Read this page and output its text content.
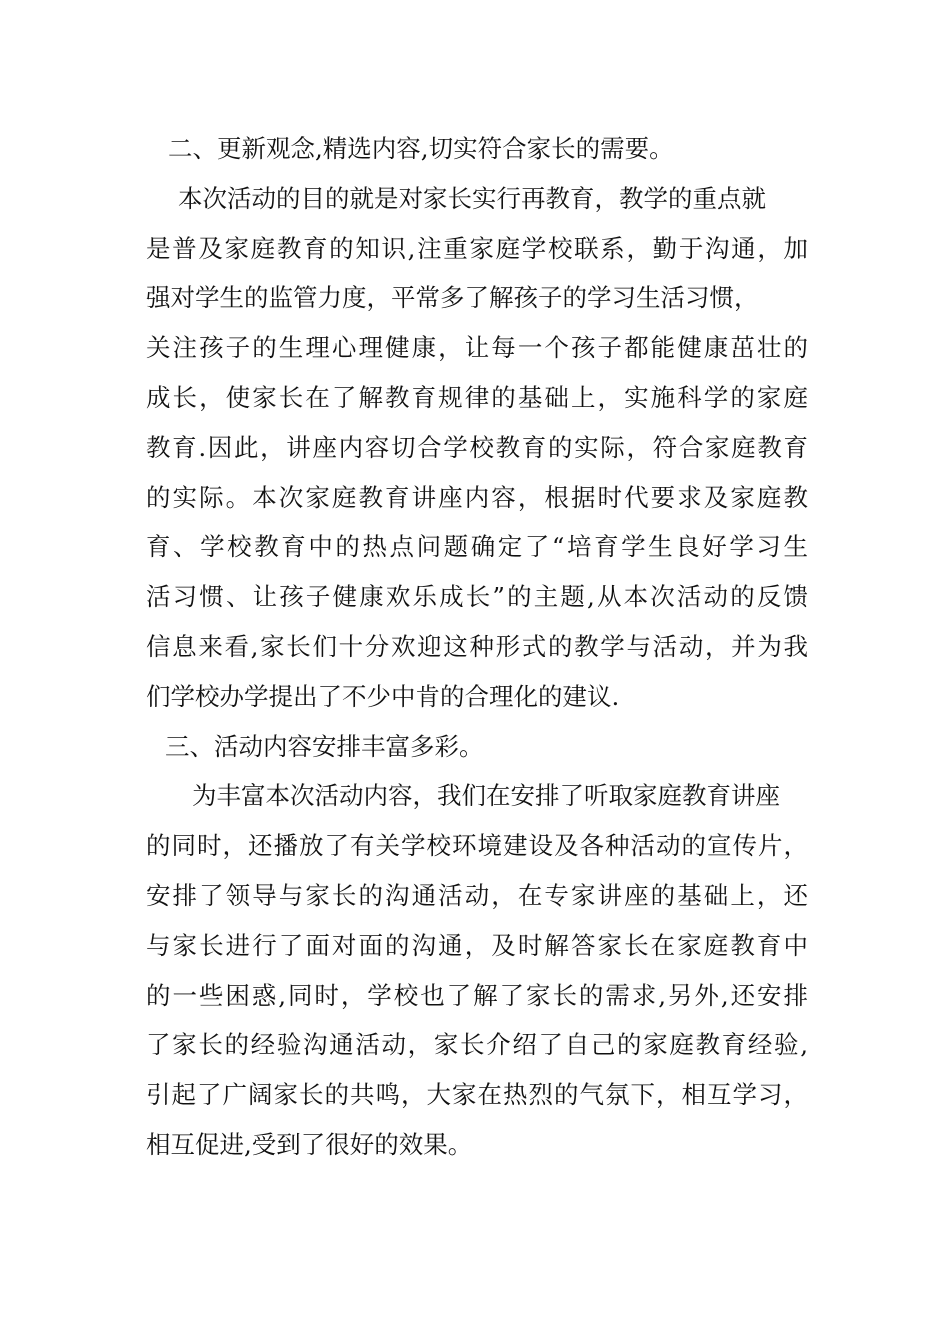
二、更新观念,精选内容,切实符合家长的需要。
本次活动的目的就是对家长实行再教育，教学的重点就
是普及家庭教育的知识,注重家庭学校联系，勤于沟通，加
强对学生的监管力度，平常多了解孩子的学习生活习惯，
关注孩子的生理心理健康，让每一个孩子都能健康茁壮的
成长，使家长在了解教育规律的基础上，实施科学的家庭
教育.因此，讲座内容切合学校教育的实际，符合家庭教育
的实际。本次家庭教育讲座内容，根据时代要求及家庭教
育、学校教育中的热点问题确定了“培育学生良好学习生
活习惯、让孩子健康欢乐成长”的主题,从本次活动的反馈
信息来看,家长们十分欢迎这种形式的教学与活动，并为我
们学校办学提出了不少中肯的合理化的建议.
三、活动内容安排丰富多彩。
为丰富本次活动内容，我们在安排了听取家庭教育讲座
的同时，还播放了有关学校环境建设及各种活动的宣传片，
安排了领导与家长的沟通活动，在专家讲座的基础上，还
与家长进行了面对面的沟通，及时解答家长在家庭教育中
的一些困惑,同时，学校也了解了家长的需求,另外,还安排
了家长的经验沟通活动，家长介绍了自己的家庭教育经验,
引起了广阔家长的共鸣，大家在热烈的气氛下，相互学习，
相互促进,受到了很好的效果。
